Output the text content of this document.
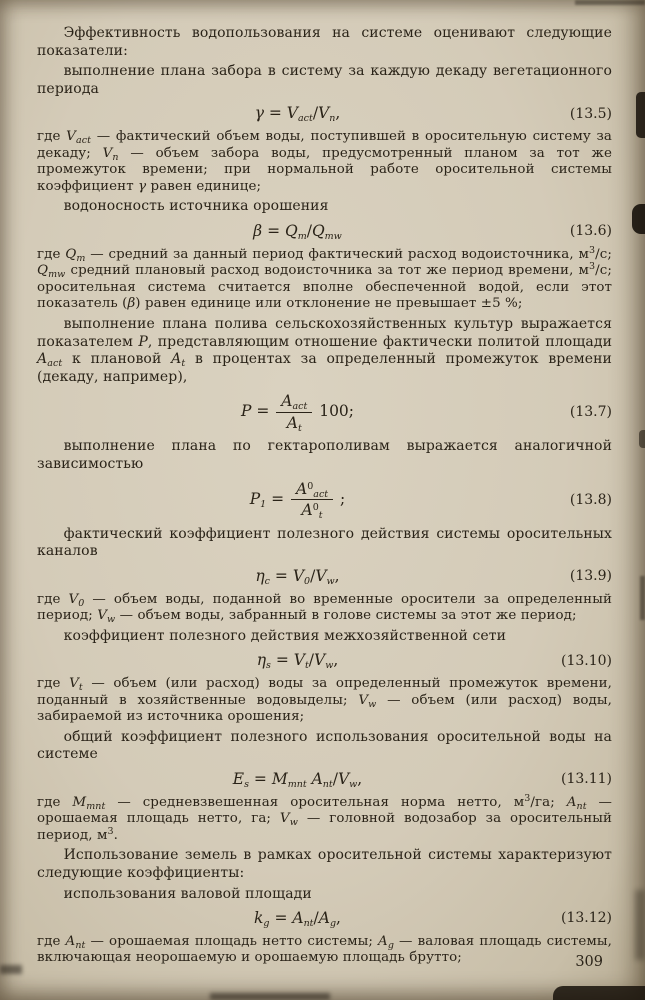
Эффективность водопользования на системе оценивают следующие показатели:

выполнение плана забора в систему за каждую декаду вегетационного периода

$\gamma = V_{act}/V_n$,	(13.5)

где $V_{act}$ — фактический объем воды, поступившей в оросительную систему за декаду; $V_n$ — объем забора воды, предусмотренный планом за тот же промежуток времени; при нормальной работе оросительной системы коэффициент γ равен единице;

водоносность источника орошения

$\beta = Q_m/Q_{mw}$	(13.6)

где $Q_m$ — средний за данный период фактический расход водоисточника, $м^3/с$; $Q_{mw}$ средний плановый расход водоисточника за тот же период времени, $м^3/с$; оросительная система считается вполне обеспеченной водой, если этот показатель (β) равен единице или отклонение не превышает ±5 %;

выполнение плана полива сельскохозяйственных культур выражается показателем P, представляющим отношение фактически политой площади $A_{act}$ к плановой $A_t$ в процентах за определенный промежуток времени (декаду, например),

$P = \frac{A_{act}}{A_t} 100$;	(13.7)

выполнение плана по гектарополивам выражается аналогичной зависимостью

$P_1 = \frac{A^0_{act}}{A^0_t}$ ;	(13.8)

фактический коэффициент полезного действия системы оросительных каналов

$\eta_c = V_0/V_w$,	(13.9)

где $V_0$ — объем воды, поданной во временные оросители за определенный период; $V_w$ — объем воды, забранный в голове системы за этот же период;

коэффициент полезного действия межхозяйственной сети

$\eta_s = V_t/V_w$,	(13.10)

где $V_t$ — объем (или расход) воды за определенный промежуток времени, поданный в хозяйственные водовыделы; $V_w$ — объем (или расход) воды, забираемой из источника орошения;

общий коэффициент полезного использования оросительной воды на системе

$E_s = M_{mnt}$ $A_{nt}/V_w$,	(13.11)

где $M_{mnt}$ — средневзвешенная оросительная норма нетто, $м^3/га$; $A_{nt}$ — орошаемая площадь нетто, га; $V_w$ — головной водозабор за оросительный период, $м^3$.

Использование земель в рамках оросительной системы характеризуют следующие коэффициенты:

использования валовой площади

$k_g = A_{nt}/A_g$,	(13.12)

где $A_{nt}$ — орошаемая площадь нетто системы; $A_g$ — валовая площадь системы, включающая неорошаемую и орошаемую площадь брутто;	309
